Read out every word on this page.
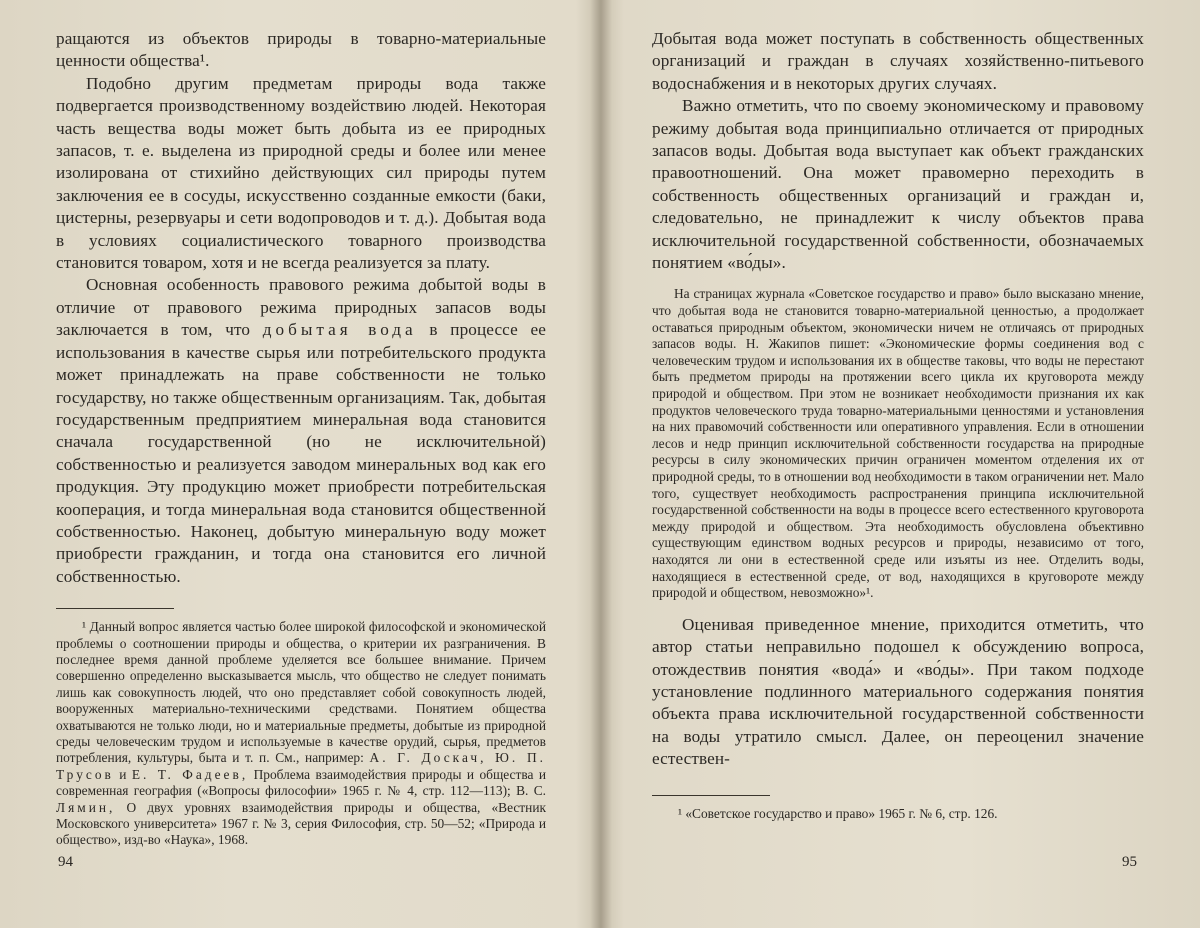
ращаются из объектов природы в товарно-материальные ценности общества¹.

Подобно другим предметам природы вода также подвергается производственному воздействию людей. Некоторая часть вещества воды может быть добыта из ее природных запасов, т. е. выделена из природной среды и более или менее изолирована от стихийно действующих сил природы путем заключения ее в сосуды, искусственно созданные емкости (баки, цистерны, резервуары и сети водопроводов и т. д.). Добытая вода в условиях социалистического товарного производства становится товаром, хотя и не всегда реализуется за плату.

Основная особенность правового режима добытой воды в отличие от правового режима природных запасов воды заключается в том, что добытая вода в процессе ее использования в качестве сырья или потребительского продукта может принадлежать на праве собственности не только государству, но также общественным организациям. Так, добытая государственным предприятием минеральная вода становится сначала государственной (но не исключительной) собственностью и реализуется заводом минеральных вод как его продукция. Эту продукцию может приобрести потребительская кооперация, и тогда минеральная вода становится общественной собственностью. Наконец, добытую минеральную воду может приобрести гражданин, и тогда она становится его личной собственностью.

¹ Данный вопрос является частью более широкой философской и экономической проблемы о соотношении природы и общества, о критерии их разграничения. В последнее время данной проблеме уделяется все большее внимание. Причем совершенно определенно высказывается мысль, что общество не следует понимать лишь как совокупность людей, что оно представляет собой совокупность людей, вооруженных материально-техническими средствами. Понятием общества охватываются не только люди, но и материальные предметы, добытые из природной среды человеческим трудом и используемые в качестве орудий, сырья, предметов потребления, культуры, быта и т. п. См., например: А. Г. Доскач, Ю. П. Трусов и Е. Т. Фадеев, Проблема взаимодействия природы и общества и современная география («Вопросы философии» 1965 г. № 4, стр. 112—113); В. С. Лямин, О двух уровнях взаимодействия природы и общества, «Вестник Московского университета» 1967 г. № 3, серия Философия, стр. 50—52; «Природа и общество», изд-во «Наука», 1968.

94

Добытая вода может поступать в собственность общественных организаций и граждан в случаях хозяйственно-питьевого водоснабжения и в некоторых других случаях.

Важно отметить, что по своему экономическому и правовому режиму добытая вода принципиально отличается от природных запасов воды. Добытая вода выступает как объект гражданских правоотношений. Она может правомерно переходить в собственность общественных организаций и граждан и, следовательно, не принадлежит к числу объектов права исключительной государственной собственности, обозначаемых понятием «во́ды».

На страницах журнала «Советское государство и право» было высказано мнение, что добытая вода не становится товарно-материальной ценностью, а продолжает оставаться природным объектом, экономически ничем не отличаясь от природных запасов воды. Н. Жакипов пишет: «Экономические формы соединения вод с человеческим трудом и использования их в обществе таковы, что воды не перестают быть предметом природы на протяжении всего цикла их круговорота между природой и обществом. При этом не возникает необходимости признания их как продуктов человеческого труда товарно-материальными ценностями и установления на них правомочий собственности или оперативного управления. Если в отношении лесов и недр принцип исключительной собственности государства на природные ресурсы в силу экономических причин ограничен моментом отделения их от природной среды, то в отношении вод необходимости в таком ограничении нет. Мало того, существует необходимость распространения принципа исключительной государственной собственности на воды в процессе всего естественного круговорота между природой и обществом. Эта необходимость обусловлена объективно существующим единством водных ресурсов и природы, независимо от того, находятся ли они в естественной среде или изъяты из нее. Отделить воды, находящиеся в естественной среде, от вод, находящихся в круговороте между природой и обществом, невозможно»¹.

Оценивая приведенное мнение, приходится отметить, что автор статьи неправильно подошел к обсуждению вопроса, отождествив понятия «вода́» и «во́ды». При таком подходе установление подлинного материального содержания понятия объекта права исключительной государственной собственности на воды утратило смысл. Далее, он переоценил значение естествен-

¹ «Советское государство и право» 1965 г. № 6, стр. 126.

95
